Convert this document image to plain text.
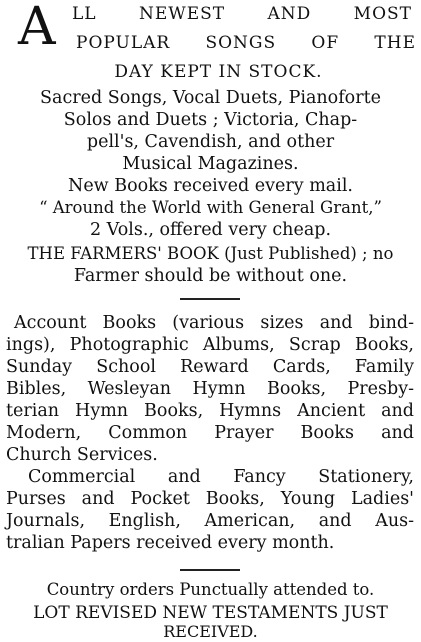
A LL NEWEST AND MOST
POPULAR SONGS OF THE
DAY KEPT IN STOCK.
Sacred Songs, Vocal Duets, Pianoforte
Solos and Duets ; Victoria, Chap-
pell's, Cavendish, and other
Musical Magazines.
New Books received every mail.
“ Around the World with General Grant,”
2 Vols., offered very cheap.
THE FARMERS' BOOK (Just Published) ; no
Farmer should be without one.
Account Books (various sizes and bind-
ings), Photographic Albums, Scrap Books,
Sunday School Reward Cards, Family
Bibles, Wesleyan Hymn Books, Presby-
terian Hymn Books, Hymns Ancient and
Modern, Common Prayer Books and
Church Services.
Commercial and Fancy Stationery,
Purses and Pocket Books, Young Ladies'
Journals, English, American, and Aus-
tralian Papers received every month.
Country orders Punctually attended to.
LOT REVISED NEW TESTAMENTS JUST
RECEIVED.
